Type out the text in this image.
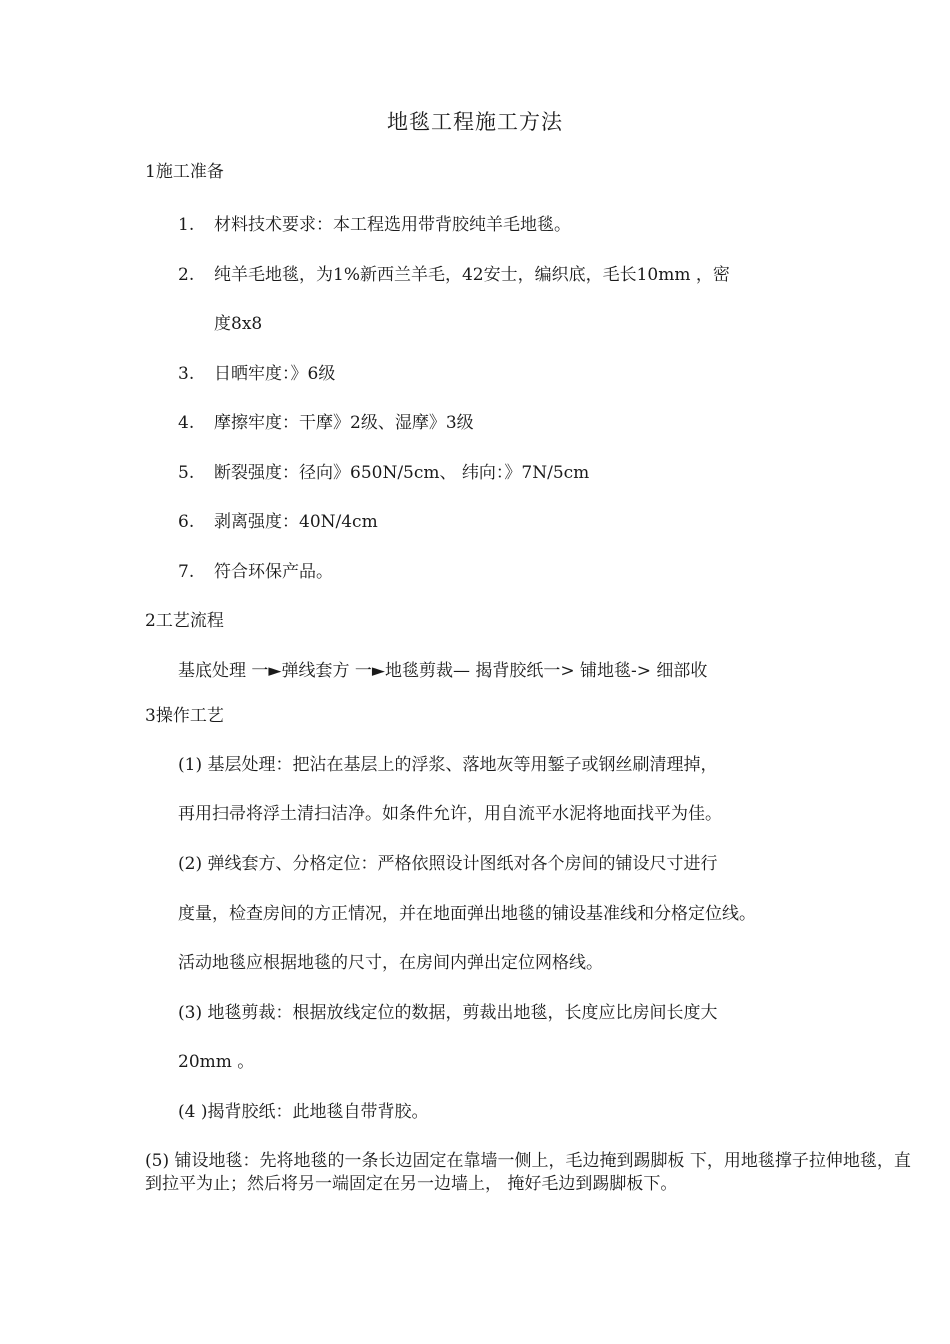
地毯工程施工方法
1施工准备
1. 材料技术要求：本工程选用带背胶纯羊毛地毯。
2. 纯羊毛地毯，为1%新西兰羊毛，42安士，编织底，毛长10mm ，密
度8x8
3. 日晒牢度：》6级
4. 摩擦牢度：干摩》2级、湿摩》3级
5. 断裂强度：径向》650N/5cm、 纬向：》7N/5cm
6. 剥离强度：40N/4cm
7. 符合环保产品。
2工艺流程
基底处理 一►弹线套方 一►地毯剪裁— 揭背胶纸一> 铺地毯-> 细部收
3操作工艺
(1) 基层处理：把沾在基层上的浮浆、落地灰等用錾子或钢丝刷清理掉，
再用扫帚将浮土清扫洁净。如条件允许，用自流平水泥将地面找平为佳。
(2) 弹线套方、分格定位：严格依照设计图纸对各个房间的铺设尺寸进行
度量，检查房间的方正情况，并在地面弹出地毯的铺设基准线和分格定位线。
活动地毯应根据地毯的尺寸，在房间内弹出定位网格线。
(3) 地毯剪裁：根据放线定位的数据，剪裁出地毯，长度应比房间长度大
20mm 。
(4 )揭背胶纸：此地毯自带背胶。
(5) 铺设地毯：先将地毯的一条长边固定在靠墙一侧上，毛边掩到踢脚板 下，用地毯撑子拉伸地毯，直到拉平为止；然后将另一端固定在另一边墙上， 掩好毛边到踢脚板下。
